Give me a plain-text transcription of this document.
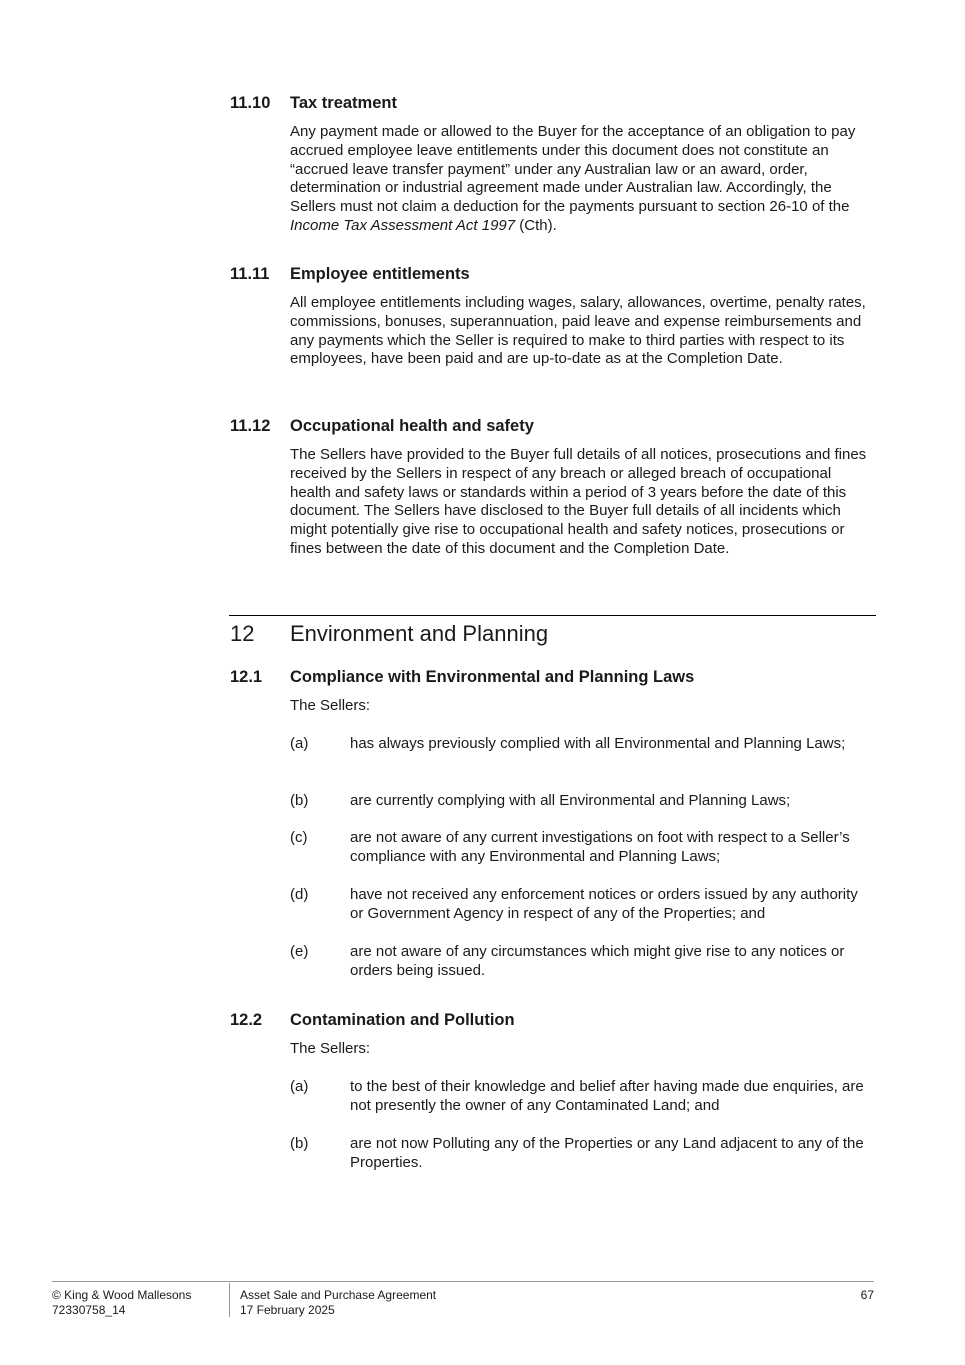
11.10 Tax treatment
Any payment made or allowed to the Buyer for the acceptance of an obligation to pay accrued employee leave entitlements under this document does not constitute an “accrued leave transfer payment” under any Australian law or an award, order, determination or industrial agreement made under Australian law. Accordingly, the Sellers must not claim a deduction for the payments pursuant to section 26-10 of the Income Tax Assessment Act 1997 (Cth).
11.11 Employee entitlements
All employee entitlements including wages, salary, allowances, overtime, penalty rates, commissions, bonuses, superannuation, paid leave and expense reimbursements and any payments which the Seller is required to make to third parties with respect to its employees, have been paid and are up-to-date as at the Completion Date.
11.12 Occupational health and safety
The Sellers have provided to the Buyer full details of all notices, prosecutions and fines received by the Sellers in respect of any breach or alleged breach of occupational health and safety laws or standards within a period of 3 years before the date of this document. The Sellers have disclosed to the Buyer full details of all incidents which might potentially give rise to occupational health and safety notices, prosecutions or fines between the date of this document and the Completion Date.
12 Environment and Planning
12.1 Compliance with Environmental and Planning Laws
The Sellers:
(a)	has always previously complied with all Environmental and Planning Laws;
(b)	are currently complying with all Environmental and Planning Laws;
(c)	are not aware of any current investigations on foot with respect to a Seller’s compliance with any Environmental and Planning Laws;
(d)	have not received any enforcement notices or orders issued by any authority or Government Agency in respect of any of the Properties; and
(e)	are not aware of any circumstances which might give rise to any notices or orders being issued.
12.2 Contamination and Pollution
The Sellers:
(a)	to the best of their knowledge and belief after having made due enquiries, are not presently the owner of any Contaminated Land; and
(b)	are not now Polluting any of the Properties or any Land adjacent to any of the Properties.
© King & Wood Mallesons
72330758_14
Asset Sale and Purchase Agreement
17 February 2025
67
